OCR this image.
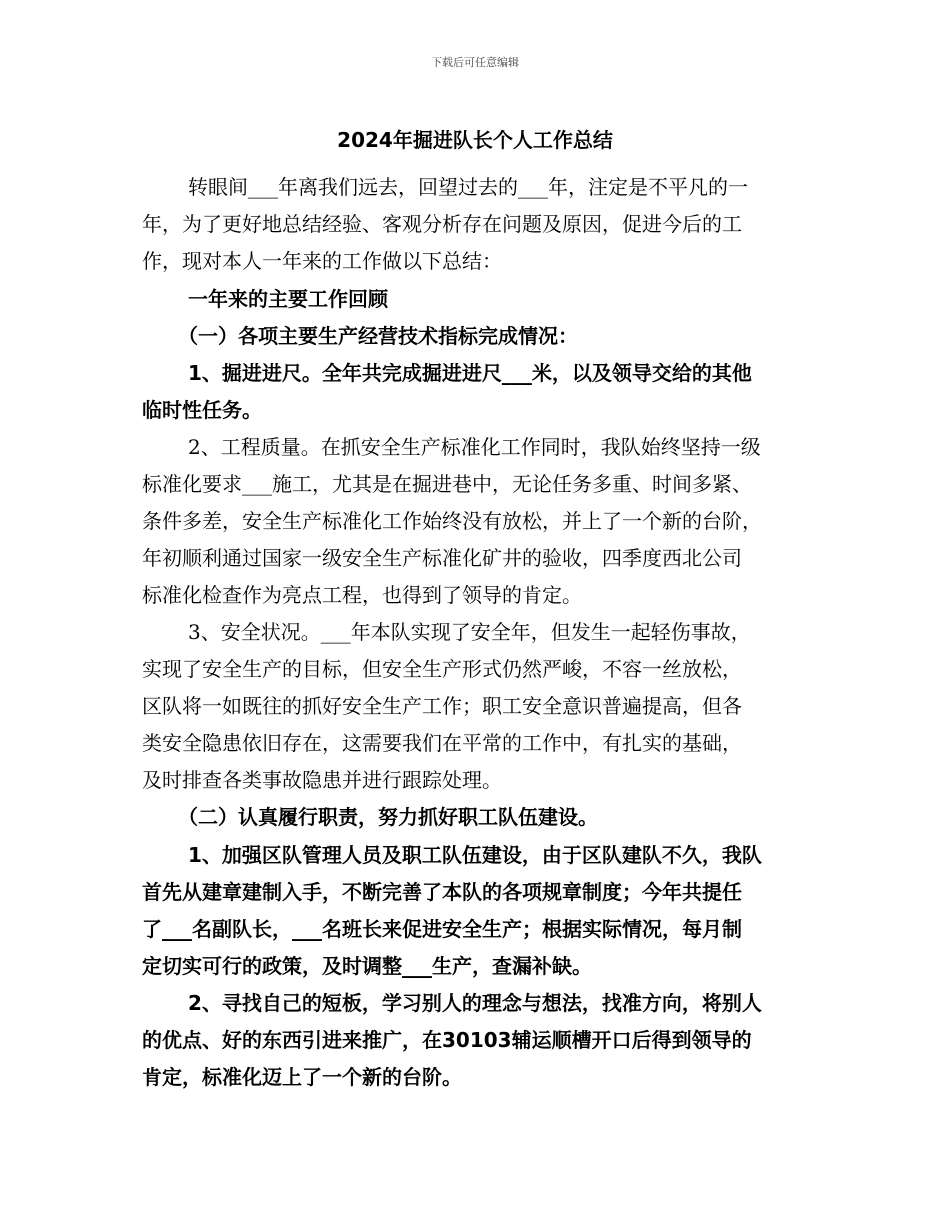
下载后可任意编辑
2024年掘进队长个人工作总结
转眼间___年离我们远去，回望过去的___年，注定是不平凡的一
年，为了更好地总结经验、客观分析存在问题及原因，促进今后的工
作，现对本人一年来的工作做以下总结：
一年来的主要工作回顾
（一）各项主要生产经营技术指标完成情况：
1、掘进进尺。全年共完成掘进进尺___米，以及领导交给的其他
临时性任务。
2、工程质量。在抓安全生产标准化工作同时，我队始终坚持一级
标准化要求___施工，尤其是在掘进巷中，无论任务多重、时间多紧、
条件多差，安全生产标准化工作始终没有放松，并上了一个新的台阶，
年初顺利通过国家一级安全生产标准化矿井的验收，四季度西北公司
标准化检查作为亮点工程，也得到了领导的肯定。
3、安全状况。___年本队实现了安全年，但发生一起轻伤事故，
实现了安全生产的目标，但安全生产形式仍然严峻，不容一丝放松，
区队将一如既往的抓好安全生产工作；职工安全意识普遍提高，但各
类安全隐患依旧存在，这需要我们在平常的工作中，有扎实的基础，
及时排查各类事故隐患并进行跟踪处理。
（二）认真履行职责，努力抓好职工队伍建设。
1、加强区队管理人员及职工队伍建设，由于区队建队不久，我队
首先从建章建制入手，不断完善了本队的各项规章制度；今年共提任
了___名副队长，___名班长来促进安全生产；根据实际情况，每月制
定切实可行的政策，及时调整___生产，查漏补缺。
2、寻找自己的短板，学习别人的理念与想法，找准方向，将别人
的优点、好的东西引进来推广，在30103辅运顺槽开口后得到领导的
肯定，标准化迈上了一个新的台阶。
